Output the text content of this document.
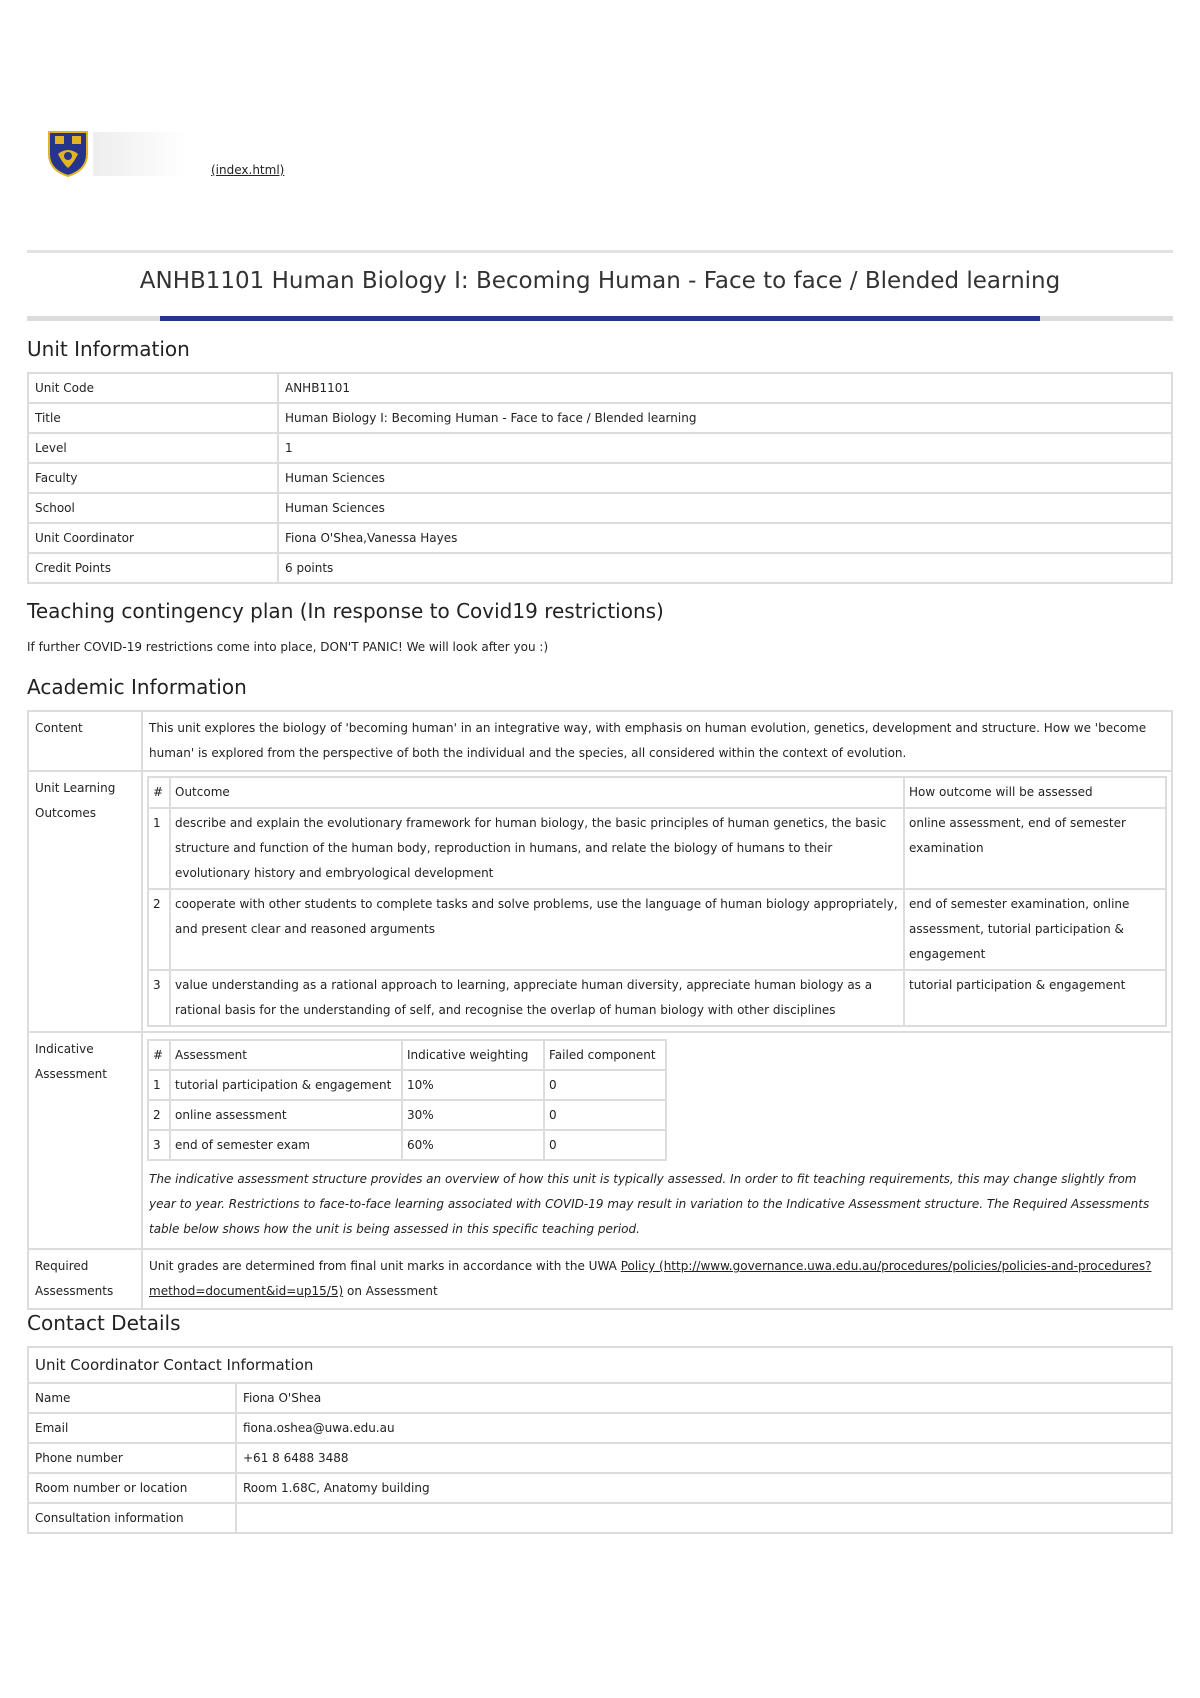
(index.html)
ANHB1101 Human Biology I: Becoming Human - Face to face / Blended learning
Unit Information
Unit Code	ANHB1101
Title	Human Biology I: Becoming Human - Face to face / Blended learning
Level	1
Faculty	Human Sciences
School	Human Sciences
Unit Coordinator	Fiona O'Shea,Vanessa Hayes
Credit Points	6 points
Teaching contingency plan (In response to Covid19 restrictions)
If further COVID-19 restrictions come into place, DON'T PANIC! We will look after you :)
Academic Information
Content	This unit explores the biology of 'becoming human' in an integrative way, with emphasis on human evolution, genetics, development and structure. How we 'become human' is explored from the perspective of both the individual and the species, all considered within the context of evolution.
Unit Learning Outcomes	
#	Outcome	How outcome will be assessed
1	describe and explain the evolutionary framework for human biology, the basic principles of human genetics, the basic structure and function of the human body, reproduction in humans, and relate the biology of humans to their evolutionary history and embryological development	online assessment, end of semester examination
2	cooperate with other students to complete tasks and solve problems, use the language of human biology appropriately, and present clear and reasoned arguments	end of semester examination, online assessment, tutorial participation & engagement
3	value understanding as a rational approach to learning, appreciate human diversity, appreciate human biology as a rational basis for the understanding of self, and recognise the overlap of human biology with other disciplines	tutorial participation & engagement

Indicative Assessment	
#	Assessment	Indicative weighting	Failed component
1	tutorial participation & engagement	10%	0
2	online assessment	30%	0
3	end of semester exam	60%	0
The indicative assessment structure provides an overview of how this unit is typically assessed. In order to fit teaching requirements, this may change slightly from year to year. Restrictions to face-to-face learning associated with COVID-19 may result in variation to the Indicative Assessment structure. The Required Assessments table below shows how the unit is being assessed in this specific teaching period.

Required Assessments	Unit grades are determined from final unit marks in accordance with the UWA Policy (http://www.governance.uwa.edu.au/procedures/policies/policies-and-procedures?method=document&id=up15/5) on Assessment
Contact Details
Unit Coordinator Contact Information	
Name	Fiona O'Shea
Email	fiona.oshea@uwa.edu.au
Phone number	+61 8 6488 3488
Room number or location	Room 1.68C, Anatomy building
Consultation information	
